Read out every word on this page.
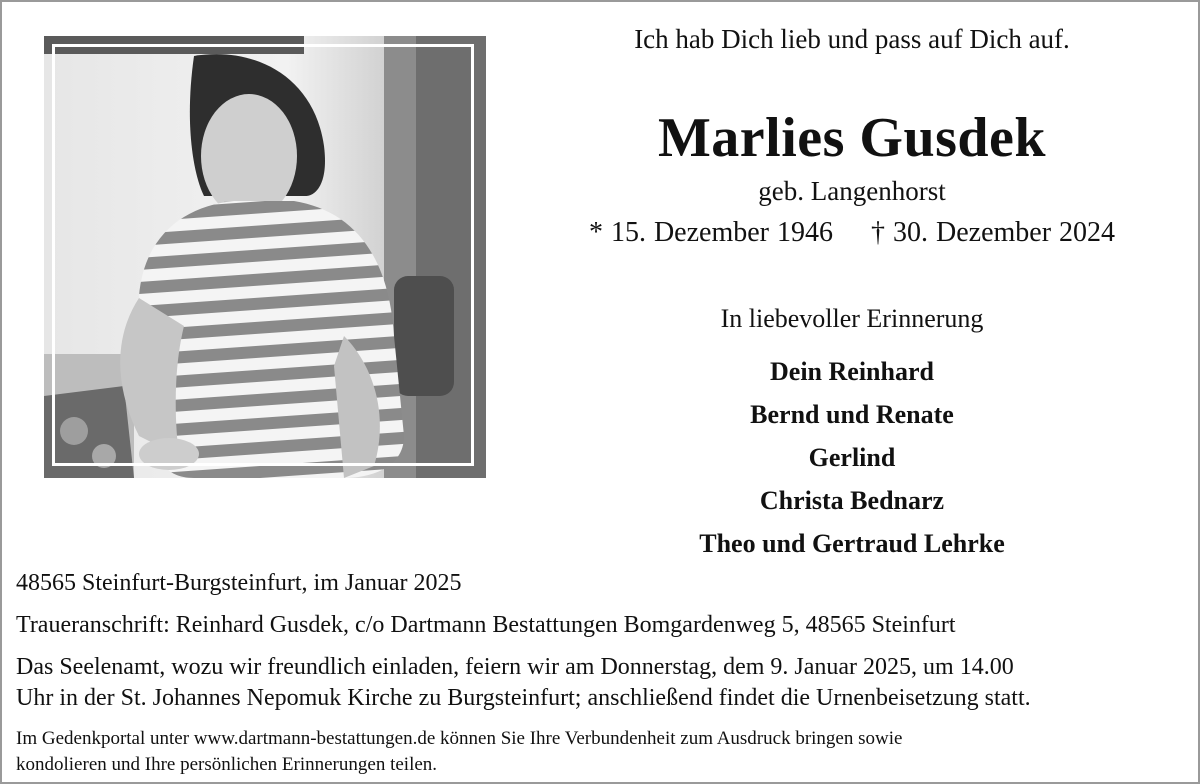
Ich hab Dich lieb und pass auf Dich auf.
Marlies Gusdek
geb. Langenhorst
* 15. Dezember 1946 † 30. Dezember 2024
In liebevoller Erinnerung
Dein Reinhard
Bernd und Renate
Gerlind
Christa Bednarz
Theo und Gertraud Lehrke
48565 Steinfurt-Burgsteinfurt, im Januar 2025
Traueranschrift: Reinhard Gusdek, c/o Dartmann Bestattungen Bomgardenweg 5, 48565 Steinfurt
Das Seelenamt, wozu wir freundlich einladen, feiern wir am Donnerstag, dem 9. Januar 2025, um 14.00
Uhr in der St. Johannes Nepomuk Kirche zu Burgsteinfurt; anschließend findet die Urnenbeisetzung statt.
Im Gedenkportal unter www.dartmann-bestattungen.de können Sie Ihre Verbundenheit zum Ausdruck bringen sowie
kondolieren und Ihre persönlichen Erinnerungen teilen.
